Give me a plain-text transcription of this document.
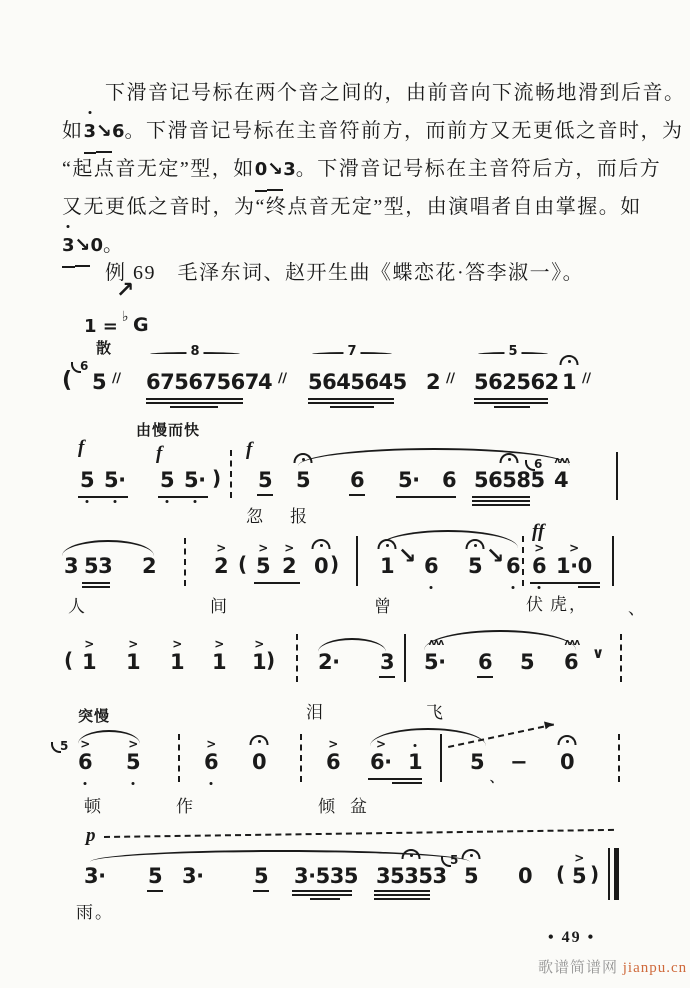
　　下滑音记号标在两个音之间的，由前音向下流畅地滑到后音。
如3↘6。下滑音记号标在主音符前方，而前方又无更低之音时，为
“起点音无定”型，如0↘3。下滑音记号标在主音符后方，而后方
又无更低之音时，为“终点音无定”型，由演唱者自由掌握。如
3↘0。
　　例 69　毛泽东词、赵开生曲《蝶恋花·答李淑一》。
↗
1 = ♭ G
散
(
6
5 ∕∕ 67567567 4 ∕∕ 5645645 2 ∕∕ 562562 1 ∕∕
f
由慢而快
f
5 5· 5 5· )
f
5 5 6 5· 6 56585
6
4
ʌʌʌ
忽 报
3 53 2	2
>
( 5
>
2
>
0 ) 1 ↘ 6 5 ↘ 6
ff
6
>
1·0
>
人	间	曾	伏 虎， 、
( 1
>
1
>
1
>
1
>
1
>
) 2· 3 5·
ʌʌʌ
6 5 6
ʌʌʌ
∨
泪	飞
突慢
5
6
>
5
>
6
>
0	6
>
6·
>
1 5
、
− 0
顿	作	倾 盆
p
3· 5 3· 5 3·535 35353
5
5 0 ( 5
>
)
雨。
8	7	5
• 49 •
歌谱简谱网 jianpu.cn
